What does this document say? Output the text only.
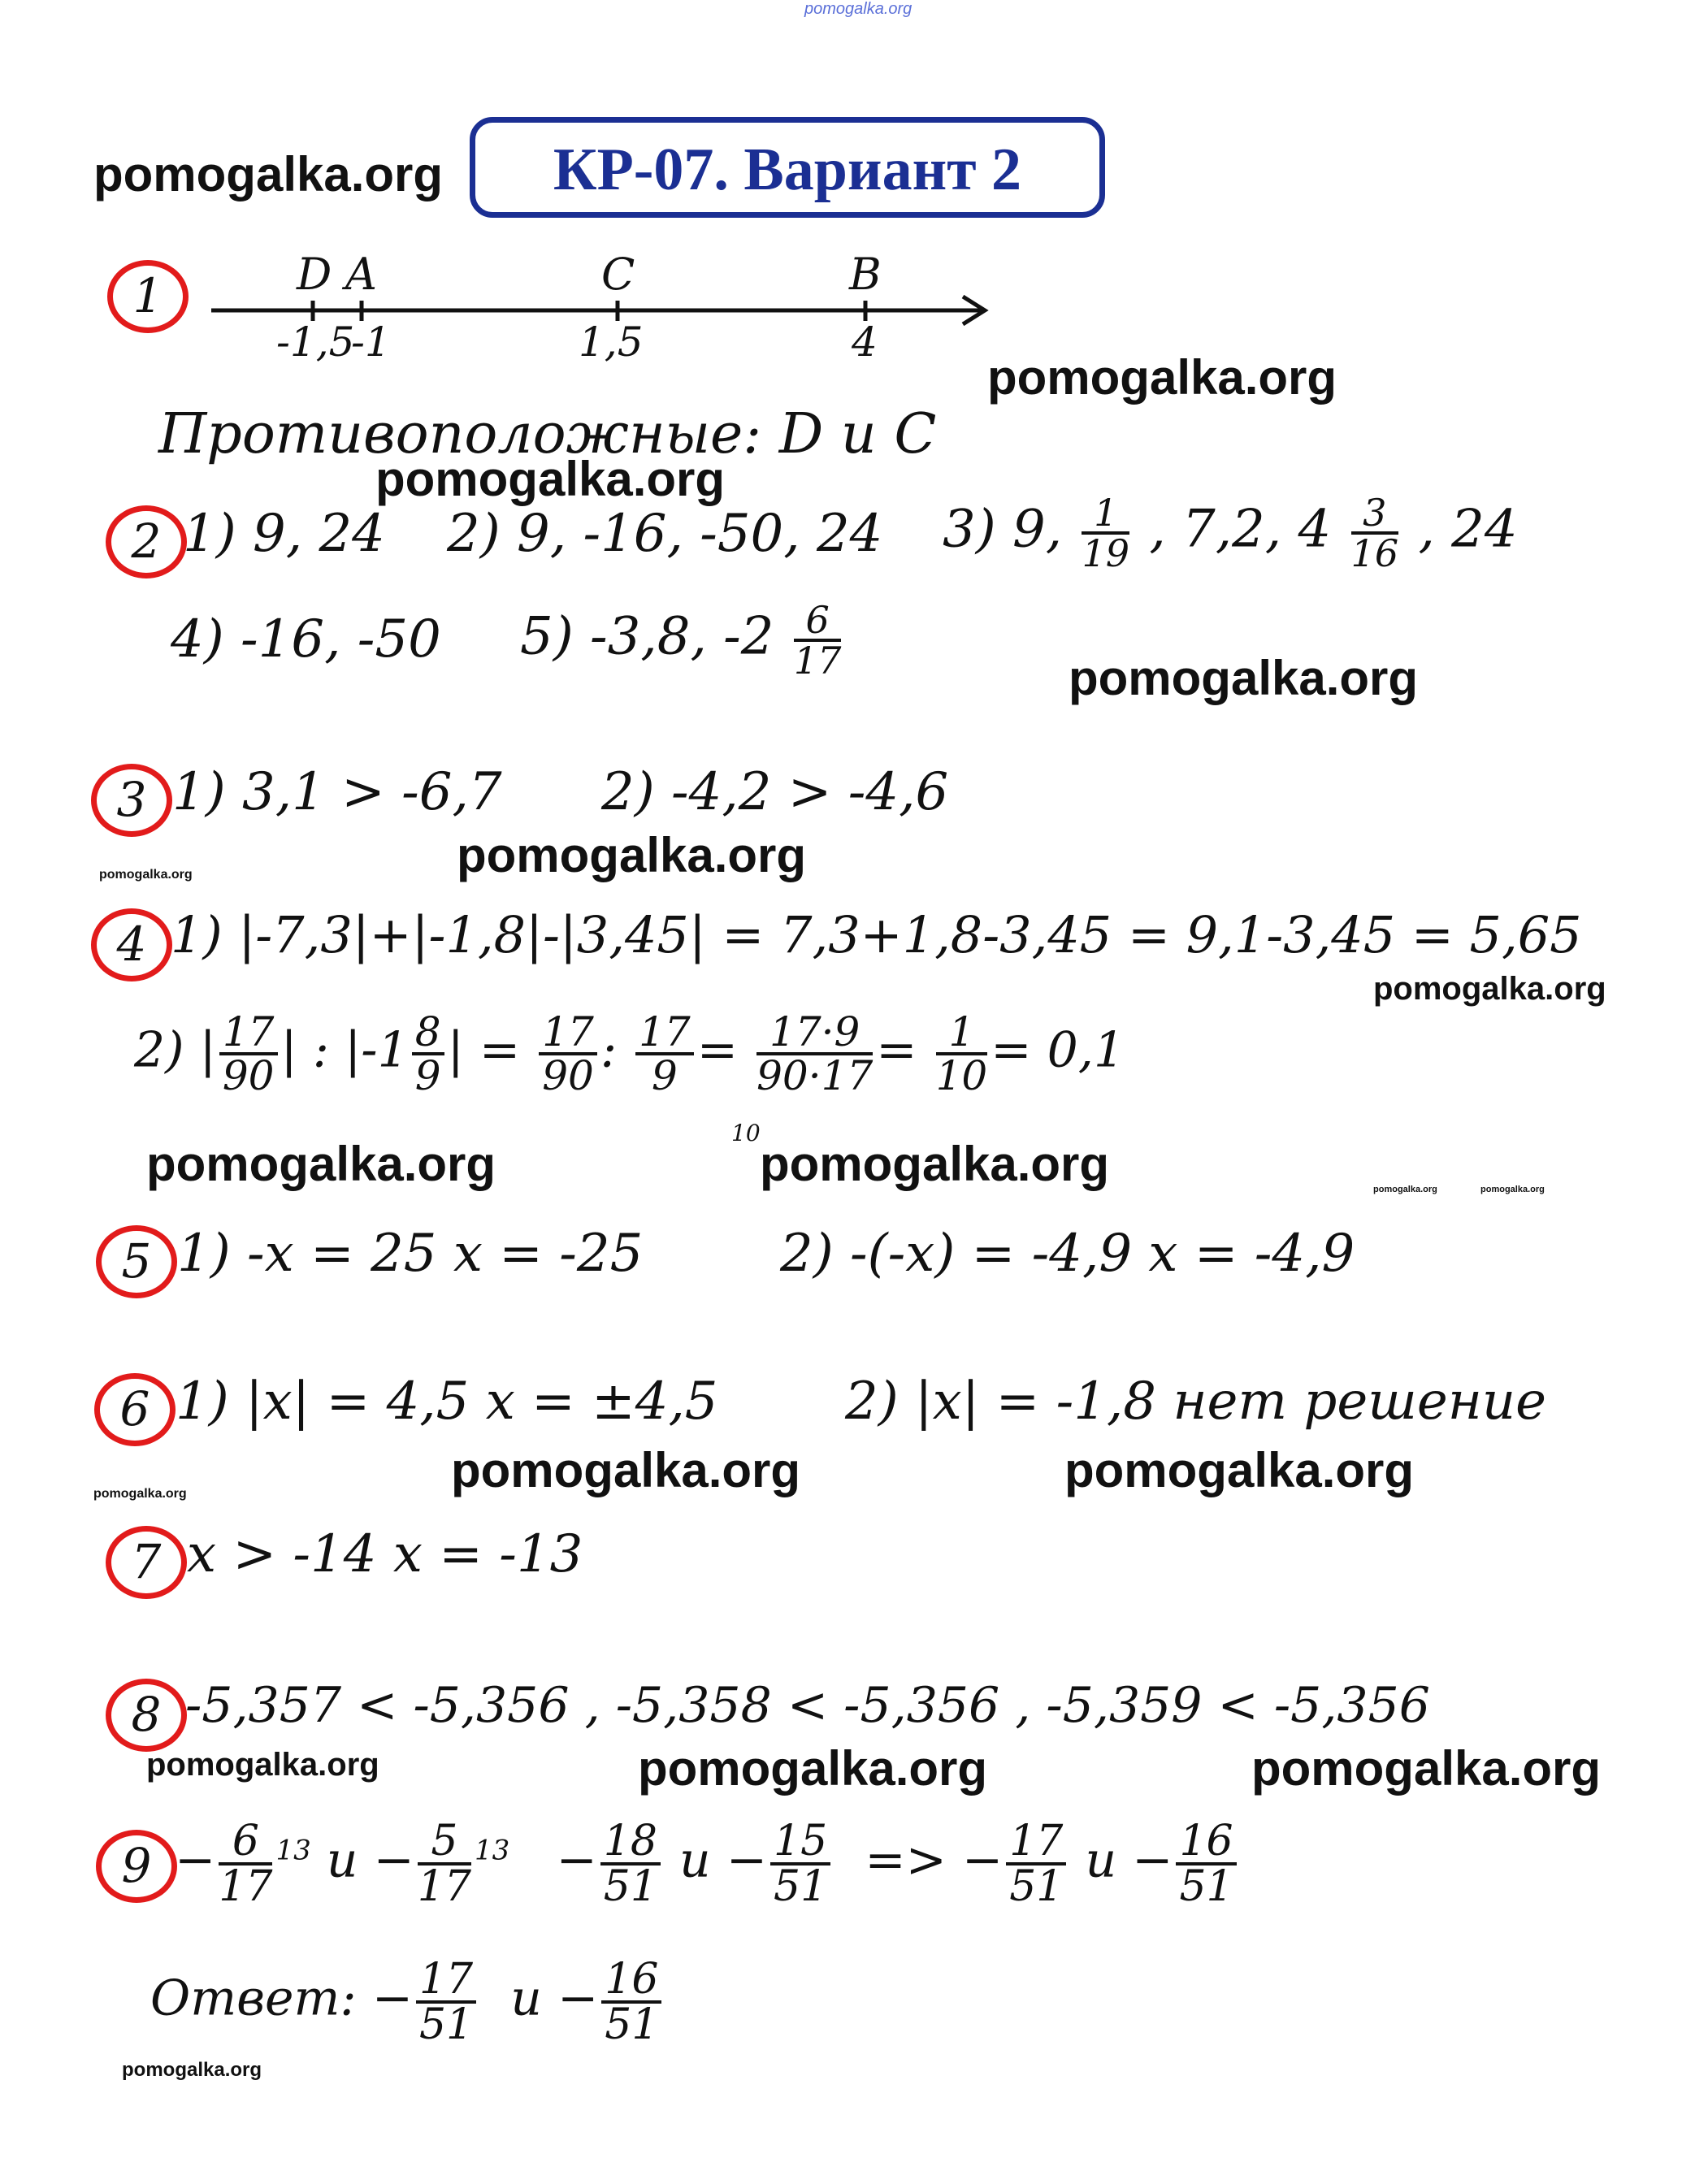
pomogalka.org
pomogalka.org	КР-07. Вариант 2
1	D A	C	B
-1,5
-1	1,5	4
pomogalka.org
Противоположные: D и C
pomogalka.org
2 1) 9, 24 2) 9, -16, -50, 24 3) 9, $\frac{1}{19}$ , 7,2, $4 \frac{3}{16}$ , 24
4) -16, -50 5) -3,8, $-2 \frac{6}{17}$	pomogalka.org
3 1) 3,1 > -6,7 2) -4,2 > -4,6
pomogalka.org
pomogalka.org
4 1) |-7,3|+|-1,8|-|3,45| = 7,3+1,8-3,45 = 9,1-3,45 = 5,65
pomogalka.org
2) | $\frac{17}{90}$ | : $|-1 \frac{8}{9}$ | = $\frac{17}{90}$ : $\frac{17}{9} = \frac{17\cdot 9}{90\cdot 17} = \frac{1}{10} = 0,1$
10
pomogalka.org	pomogalka.org	pomogalka.org	pomogalka.org
5 1) -x = 25 x = -25	2) -(-x) = -4,9 x = -4,9
6 1) |x| = 4,5 x = ±4,5 2) |x| = -1,8 нет решение
pomogalka.org	pomogalka.org
pomogalka.org
7 x > -14 x = -13
8 -5,357 < -5,356 , -5,358 < -5,356 , -5,359 < -5,356
pomogalka.org	pomogalka.org	pomogalka.org
$9 - \frac{6}{17} ^{13}$ $и - \frac{5}{17} ^{13} - \frac{18}{51}$ $и - \frac{15}{51}$ => − $\frac{17}{51}$ $и - \frac{16}{51}$
Ответ: − $\frac{17}{51}$ $и - \frac{16}{51}$
pomogalka.org
